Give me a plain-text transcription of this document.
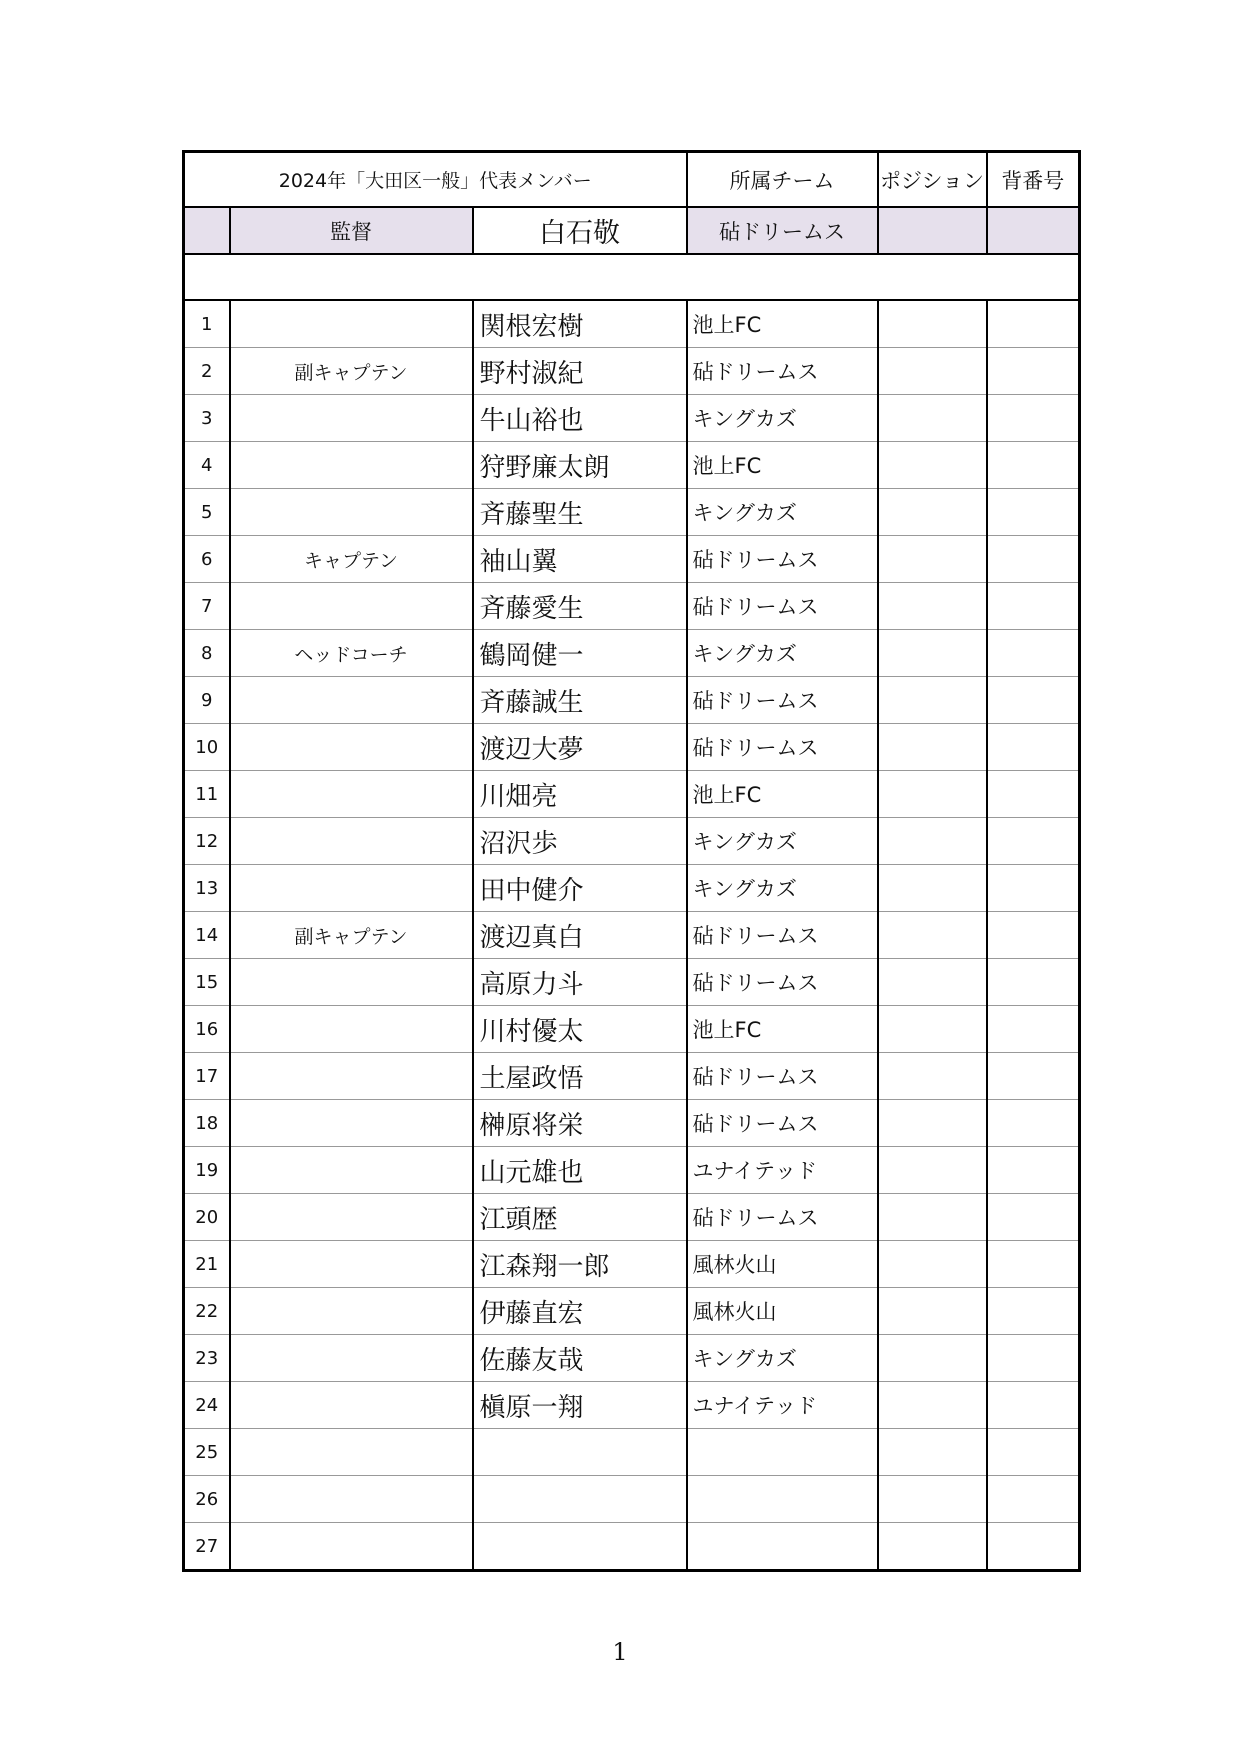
2024年「大田区一般」代表メンバー			所属チーム	ポジション	背番号
	監督	白石敬	砧ドリームス		

1		関根宏樹	池上FC		
2	副キャプテン	野村淑紀	砧ドリームス		
3		牛山裕也	キングカズ		
4		狩野廉太朗	池上FC		
5		斉藤聖生	キングカズ		
6	キャプテン	袖山翼	砧ドリームス		
7		斉藤愛生	砧ドリームス		
8	ヘッドコーチ	鶴岡健一	キングカズ		
9		斉藤誠生	砧ドリームス		
10		渡辺大夢	砧ドリームス		
11		川畑亮	池上FC		
12		沼沢歩	キングカズ		
13		田中健介	キングカズ		
14	副キャプテン	渡辺真白	砧ドリームス		
15		高原力斗	砧ドリームス		
16		川村優太	池上FC		
17		土屋政悟	砧ドリームス		
18		榊原将栄	砧ドリームス		
19		山元雄也	ユナイテッド		
20		江頭歴	砧ドリームス		
21		江森翔一郎	風林火山		
22		伊藤直宏	風林火山		
23		佐藤友哉	キングカズ		
24		槇原一翔	ユナイテッド		
25					
26					
27					
1
